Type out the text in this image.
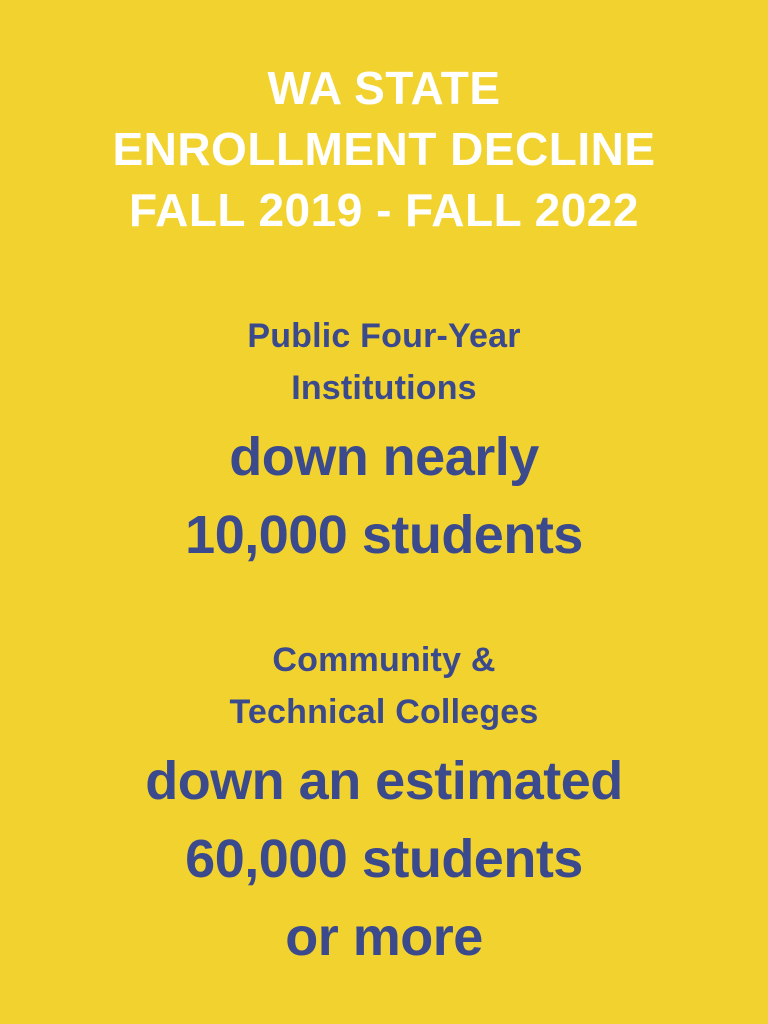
WA STATE
ENROLLMENT DECLINE
FALL 2019 - FALL 2022
Public Four-Year
Institutions
down nearly
10,000 students
Community &
Technical Colleges
down an estimated
60,000 students
or more
